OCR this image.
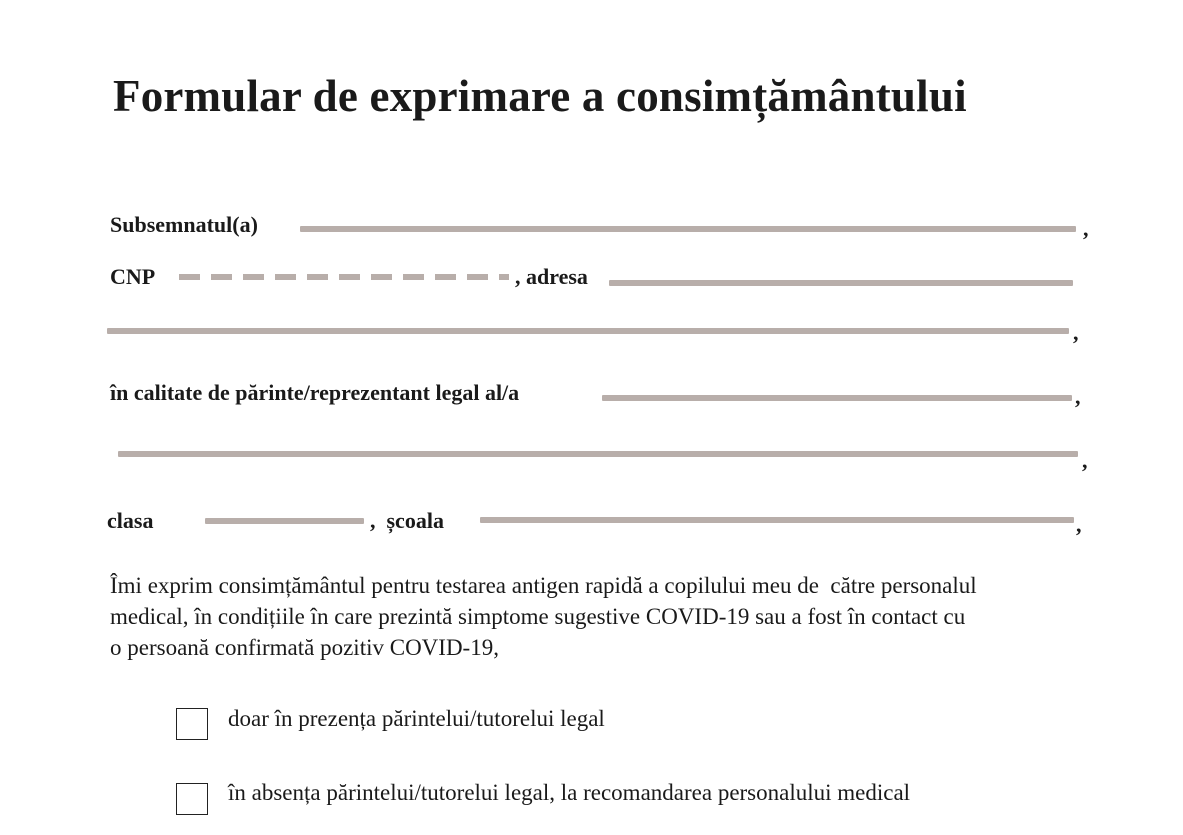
Formular de exprimare a consimțământului
Subsemnatul(a)	,
CNP	, adresa
,
în calitate de părinte/reprezentant legal al/a	,
,
clasa	,  școala	,
Îmi exprim consimțământul pentru testarea antigen rapidă a copilului meu de  către personalul
medical, în condițiile în care prezintă simptome sugestive COVID-19 sau a fost în contact cu
o persoană confirmată pozitiv COVID-19,
doar în prezența părintelui/tutorelui legal
în absența părintelui/tutorelui legal, la recomandarea personalului medical
